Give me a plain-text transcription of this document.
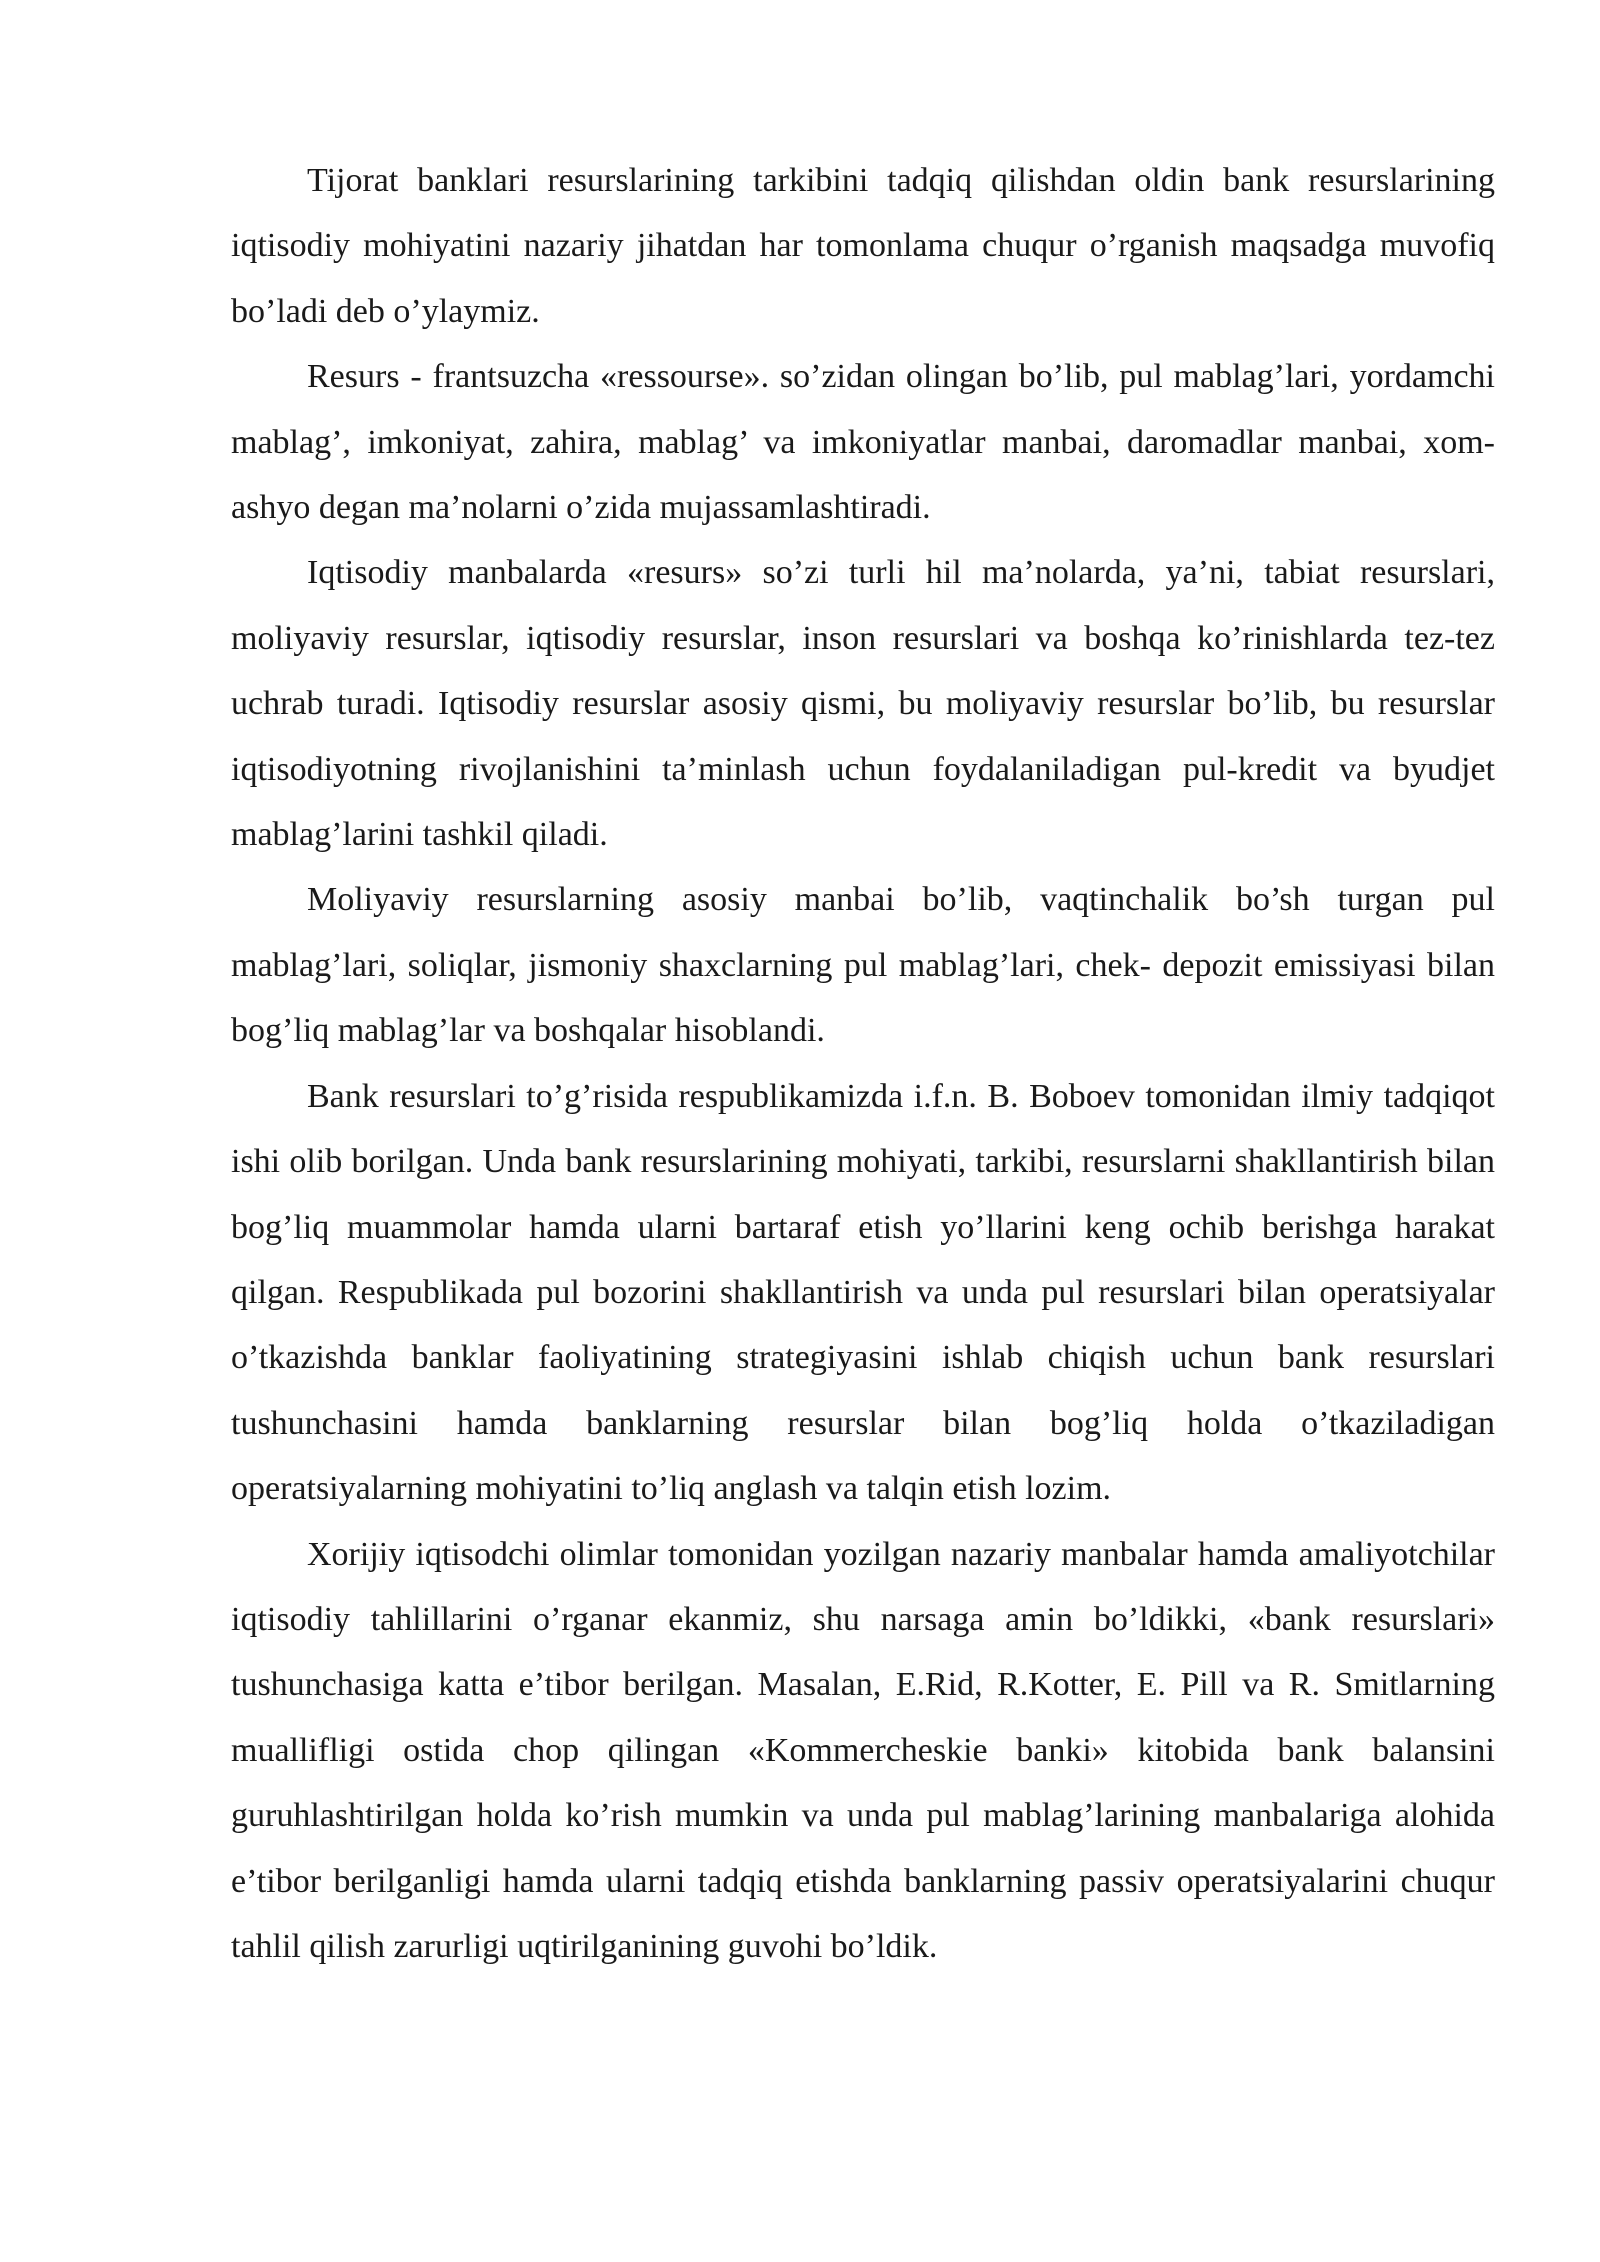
Tijorat banklari resurslarining tarkibini tadqiq qilishdan oldin bank resurslarining iqtisodiy mohiyatini nazariy jihatdan har tomonlama chuqur o’rganish maqsadga muvofiq bo’ladi deb o’ylaymiz.

Resurs - frantsuzcha «ressourse». so’zidan olingan bo’lib, pul mablag’lari, yordamchi mablag’, imkoniyat, zahira, mablag’ va imkoniyatlar manbai, daromadlar manbai, xom-ashyo degan ma’nolarni o’zida mujassamlashtiradi.

Iqtisodiy manbalarda «resurs» so’zi turli hil ma’nolarda, ya’ni, tabiat resurslari, moliyaviy resurslar, iqtisodiy resurslar, inson resurslari va boshqa ko’rinishlarda tez-tez uchrab turadi. Iqtisodiy resurslar asosiy qismi, bu moliyaviy resurslar bo’lib, bu resurslar iqtisodiyotning rivojlanishini ta’minlash uchun foydalaniladigan pul-kredit va byudjet mablag’larini tashkil qiladi.

Moliyaviy resurslarning asosiy manbai bo’lib, vaqtinchalik bo’sh turgan pul mablag’lari, soliqlar, jismoniy shaxclarning pul mablag’lari, chek- depozit emissiyasi bilan bog’liq mablag’lar va boshqalar hisoblandi.

Bank resurslari to’g’risida respublikamizda i.f.n. B. Boboev tomonidan ilmiy tadqiqot ishi olib borilgan. Unda bank resurslarining mohiyati, tarkibi, resurslarni shakllantirish bilan bog’liq muammolar hamda ularni bartaraf etish yo’llarini keng ochib berishga harakat qilgan. Respublikada pul bozorini shakllantirish va unda pul resurslari bilan operatsiyalar o’tkazishda banklar faoliyatining strategiyasini ishlab chiqish uchun bank resurslari tushunchasini hamda banklarning resurslar bilan bog’liq holda o’tkaziladigan operatsiyalarning mohiyatini to’liq anglash va talqin etish lozim.

Xorijiy iqtisodchi olimlar tomonidan yozilgan nazariy manbalar hamda amaliyotchilar iqtisodiy tahlillarini o’rganar ekanmiz, shu narsaga amin bo’ldikki, «bank resurslari» tushunchasiga katta e’tibor berilgan. Masalan, E.Rid, R.Kotter, E. Pill va R. Smitlarning muallifligi ostida chop qilingan «Kommercheskie banki» kitobida bank balansini guruhlashtirilgan holda ko’rish mumkin va unda pul mablag’larining manbalariga alohida e’tibor berilganligi hamda ularni tadqiq etishda banklarning passiv operatsiyalarini chuqur tahlil qilish zarurligi uqtirilganining guvohi bo’ldik.
